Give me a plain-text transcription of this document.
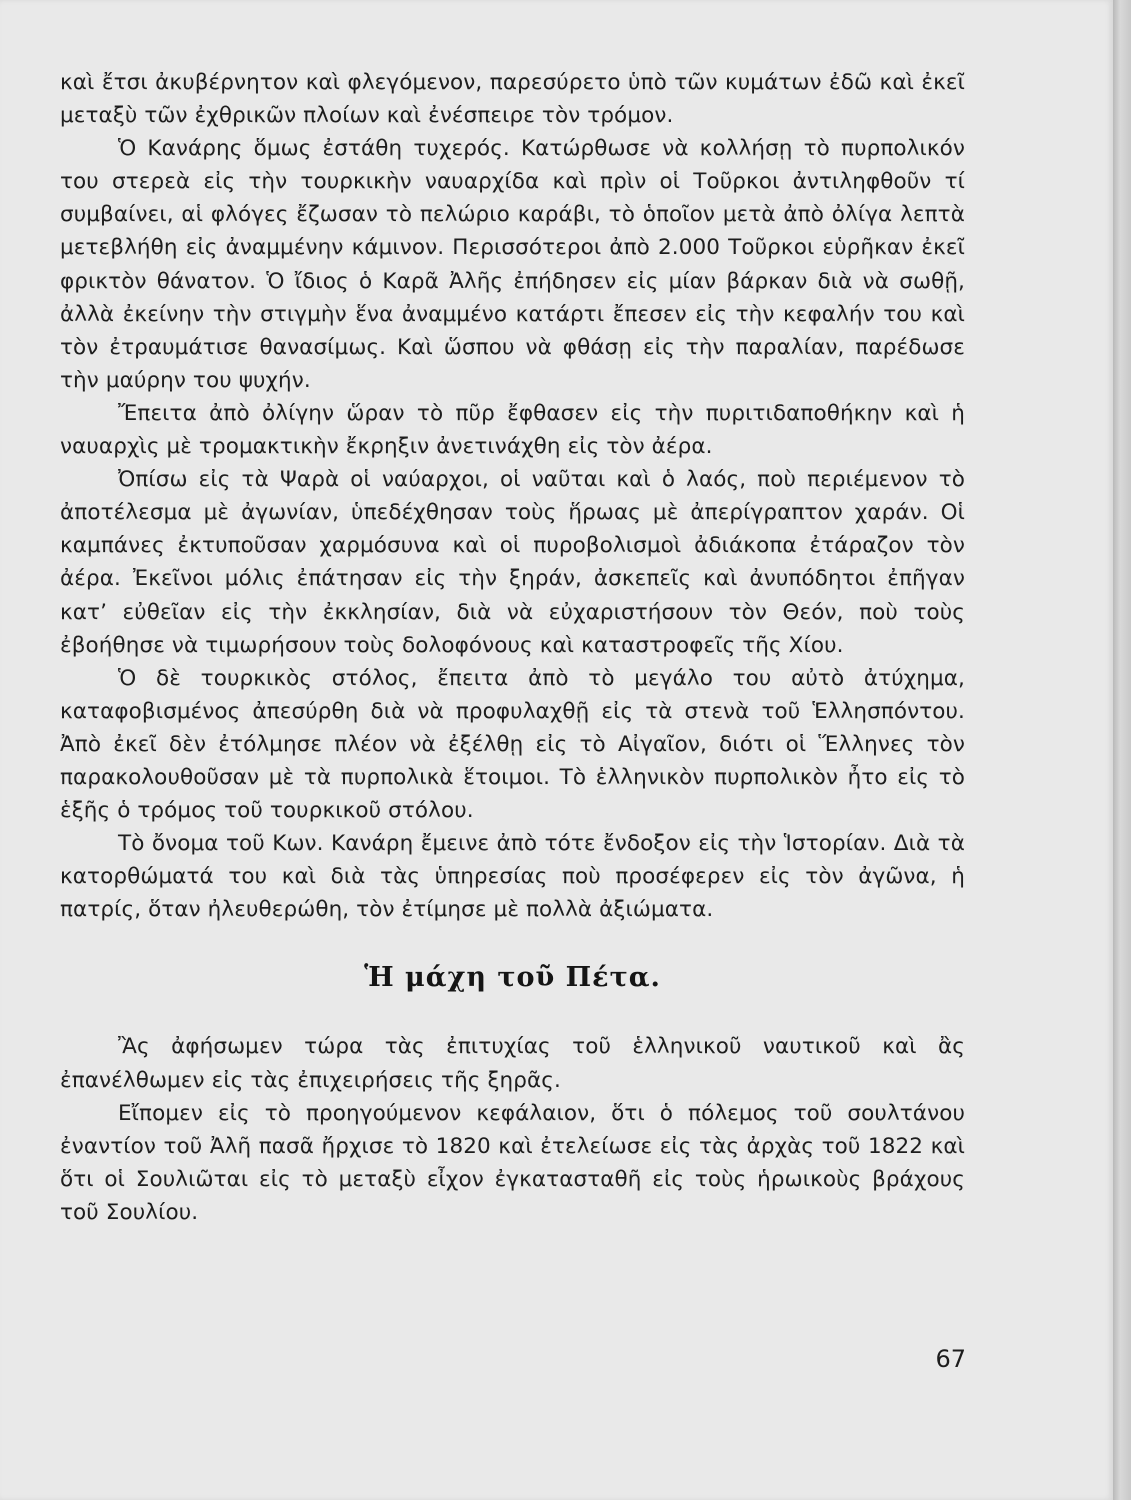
καὶ ἔτσι ἀκυβέρνητον καὶ φλεγόμενον, παρεσύρετο ὑπὸ τῶν κυμάτων ἐδῶ καὶ ἐκεῖ μεταξὺ τῶν ἐχθρικῶν πλοίων καὶ ἐνέσπειρε τὸν τρόμον.

Ὁ Κανάρης ὅμως ἐστάθη τυχερός. Κατώρθωσε νὰ κολλήσῃ τὸ πυρπολικόν του στερεὰ εἰς τὴν τουρκικὴν ναυαρχίδα καὶ πρὶν οἱ Τοῦρκοι ἀντιληφθοῦν τί συμβαίνει, αἱ φλόγες ἔζωσαν τὸ πελώριο καράβι, τὸ ὁποῖον μετὰ ἀπὸ ὀλίγα λεπτὰ μετεβλήθη εἰς ἀναμμένην κάμινον. Περισσότεροι ἀπὸ 2.000 Τοῦρκοι εὑρῆκαν ἐκεῖ φρικτὸν θάνατον. Ὁ ἴδιος ὁ Καρᾶ Ἀλῆς ἐπήδησεν εἰς μίαν βάρκαν διὰ νὰ σωθῇ, ἀλλὰ ἐκείνην τὴν στιγμὴν ἕνα ἀναμμένο κατάρτι ἔπεσεν εἰς τὴν κεφαλήν του καὶ τὸν ἐτραυμάτισε θανασίμως. Καὶ ὥσπου νὰ φθάσῃ εἰς τὴν παραλίαν, παρέδωσε τὴν μαύρην του ψυχήν.

Ἔπειτα ἀπὸ ὀλίγην ὥραν τὸ πῦρ ἔφθασεν εἰς τὴν πυριτιδαποθήκην καὶ ἡ ναυαρχὶς μὲ τρομακτικὴν ἔκρηξιν ἀνετινάχθη εἰς τὸν ἀέρα.

Ὀπίσω εἰς τὰ Ψαρὰ οἱ ναύαρχοι, οἱ ναῦται καὶ ὁ λαός, ποὺ περιέμενον τὸ ἀποτέλεσμα μὲ ἀγωνίαν, ὑπεδέχθησαν τοὺς ἥρωας μὲ ἀπερίγραπτον χαράν. Οἱ καμπάνες ἐκτυποῦσαν χαρμόσυνα καὶ οἱ πυροβολισμοὶ ἀδιάκοπα ἐτάραζον τὸν ἀέρα. Ἐκεῖνοι μόλις ἐπάτησαν εἰς τὴν ξηράν, ἀσκεπεῖς καὶ ἀνυπόδητοι ἐπῆγαν κατ’ εὐθεῖαν εἰς τὴν ἐκκλησίαν, διὰ νὰ εὐχαριστήσουν τὸν Θεόν, ποὺ τοὺς ἐβοήθησε νὰ τιμωρήσουν τοὺς δολοφόνους καὶ καταστροφεῖς τῆς Χίου.

Ὁ δὲ τουρκικὸς στόλος, ἔπειτα ἀπὸ τὸ μεγάλο του αὐτὸ ἀτύχημα, καταφοβισμένος ἀπεσύρθη διὰ νὰ προφυλαχθῇ εἰς τὰ στενὰ τοῦ Ἑλλησπόντου. Ἀπὸ ἐκεῖ δὲν ἐτόλμησε πλέον νὰ ἐξέλθῃ εἰς τὸ Αἰγαῖον, διότι οἱ Ἕλληνες τὸν παρακολουθοῦσαν μὲ τὰ πυρπολικὰ ἕτοιμοι. Τὸ ἑλληνικὸν πυρπολικὸν ἦτο εἰς τὸ ἑξῆς ὁ τρόμος τοῦ τουρκικοῦ στόλου.

Τὸ ὄνομα τοῦ Κων. Κανάρη ἔμεινε ἀπὸ τότε ἔνδοξον εἰς τὴν Ἱστορίαν. Διὰ τὰ κατορθώματά του καὶ διὰ τὰς ὑπηρεσίας ποὺ προσέφερεν εἰς τὸν ἀγῶνα, ἡ πατρίς, ὅταν ἠλευθερώθη, τὸν ἐτίμησε μὲ πολλὰ ἀξιώματα.

Ἡ μάχη τοῦ Πέτα.

Ἂς ἀφήσωμεν τώρα τὰς ἐπιτυχίας τοῦ ἑλληνικοῦ ναυτικοῦ καὶ ἂς ἐπανέλθωμεν εἰς τὰς ἐπιχειρήσεις τῆς ξηρᾶς.

Εἴπομεν εἰς τὸ προηγούμενον κεφάλαιον, ὅτι ὁ πόλεμος τοῦ σουλτάνου ἐναντίον τοῦ Ἀλῆ πασᾶ ἤρχισε τὸ 1820 καὶ ἐτελείωσε εἰς τὰς ἀρχὰς τοῦ 1822 καὶ ὅτι οἱ Σουλιῶται εἰς τὸ μεταξὺ εἶχον ἐγκατασταθῆ εἰς τοὺς ἡρωικοὺς βράχους τοῦ Σουλίου.

67
